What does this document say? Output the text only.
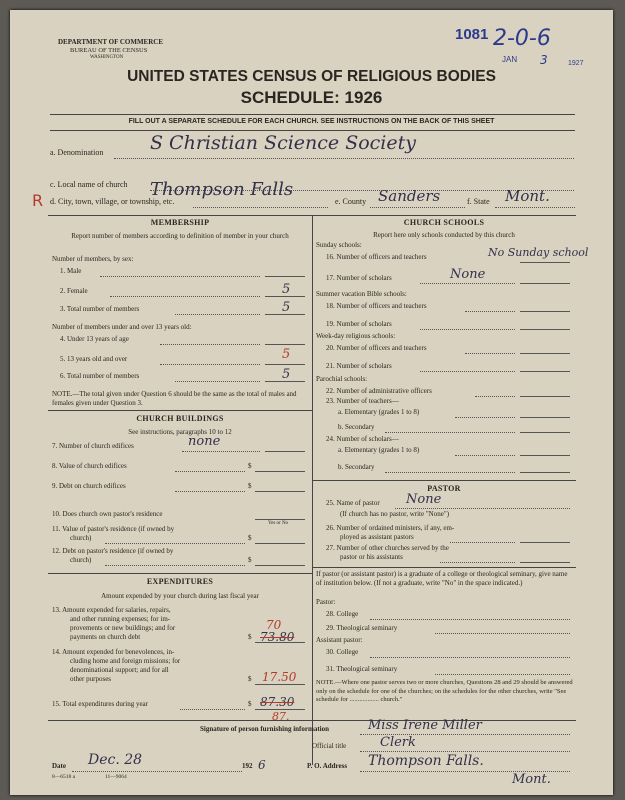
DEPARTMENT OF COMMERCE
BUREAU OF THE CENSUS
WASHINGTON
1081 2-0-6
JAN 3	1927
UNITED STATES CENSUS OF RELIGIOUS BODIES
SCHEDULE: 1926
FILL OUT A SEPARATE SCHEDULE FOR EACH CHURCH. SEE INSTRUCTIONS ON THE BACK OF THIS SHEET
a. Denomination S Christian Science Society
c. Local name of church
R d. City, town, village, or township, etc.
Thompson Falls
e. County Sanders	f. State Mont.
MEMBERSHIP
Report number of members according to definition of member in your church
Number of members, by sex:
1. Male
2. Female	5
3. Total number of members	5
Number of members under and over 13 years old:
4. Under 13 years of age
5. 13 years old and over	5
6. Total number of members	5
NOTE.—The total given under Question 6 should be the same as the total of males and females given under Question 3.
CHURCH BUILDINGS
See instructions, paragraphs 10 to 12
7. Number of church edifices	none
8. Value of church edifices	$
9. Debt on church edifices	$
10. Does church own pastor's residence
Yes or No
11. Value of pastor's residence (if owned by
church)	$
12. Debt on pastor's residence (if owned by
church)	$
EXPENDITURES
Amount expended by your church during last fiscal year
13. Amount expended for salaries, repairs,
and other running expenses; for im-
provements or new buildings; and for
payments on church debt	$
70
73.80
14. Amount expended for benevolences, in-
cluding home and foreign missions; for
denominational support; and for all
other purposes	$ 17.50
15. Total expenditures during year	$ 87.30
87.
CHURCH SCHOOLS
Report here only schools conducted by this church
Sunday schools:
16. Number of officers and teachers	No Sunday school
17. Number of scholars	None
Summer vacation Bible schools:
18. Number of officers and teachers
19. Number of scholars
Week-day religious schools:
20. Number of officers and teachers
21. Number of scholars
Parochial schools:
22. Number of administrative officers
23. Number of teachers—
a. Elementary (grades 1 to 8)
b. Secondary
24. Number of scholars—
a. Elementary (grades 1 to 8)
b. Secondary
PASTOR
25. Name of pastor None
(If church has no pastor, write "None")
26. Number of ordained ministers, if any, em-
ployed as assistant pastors
27. Number of other churches served by the
pastor or his assistants
If pastor (or assistant pastor) is a graduate of a college or theological seminary, give name of institution below. (If not a graduate, write "No" in the space indicated.)
Pastor:
28. College
29. Theological seminary
Assistant pastor:
30. College
31. Theological seminary
NOTE.—Where one pastor serves two or more churches, Questions 28 and 29 should be answered only on the schedule for one of the churches; on the schedules for the other churches, write "See schedule for .................. church."
Signature of person furnishing information	Miss Irene Miller
Official title	Clerk
Date Dec. 28	192 6	P. O. Address Thompson Falls.
Mont.
8—6518 a	11—9064
